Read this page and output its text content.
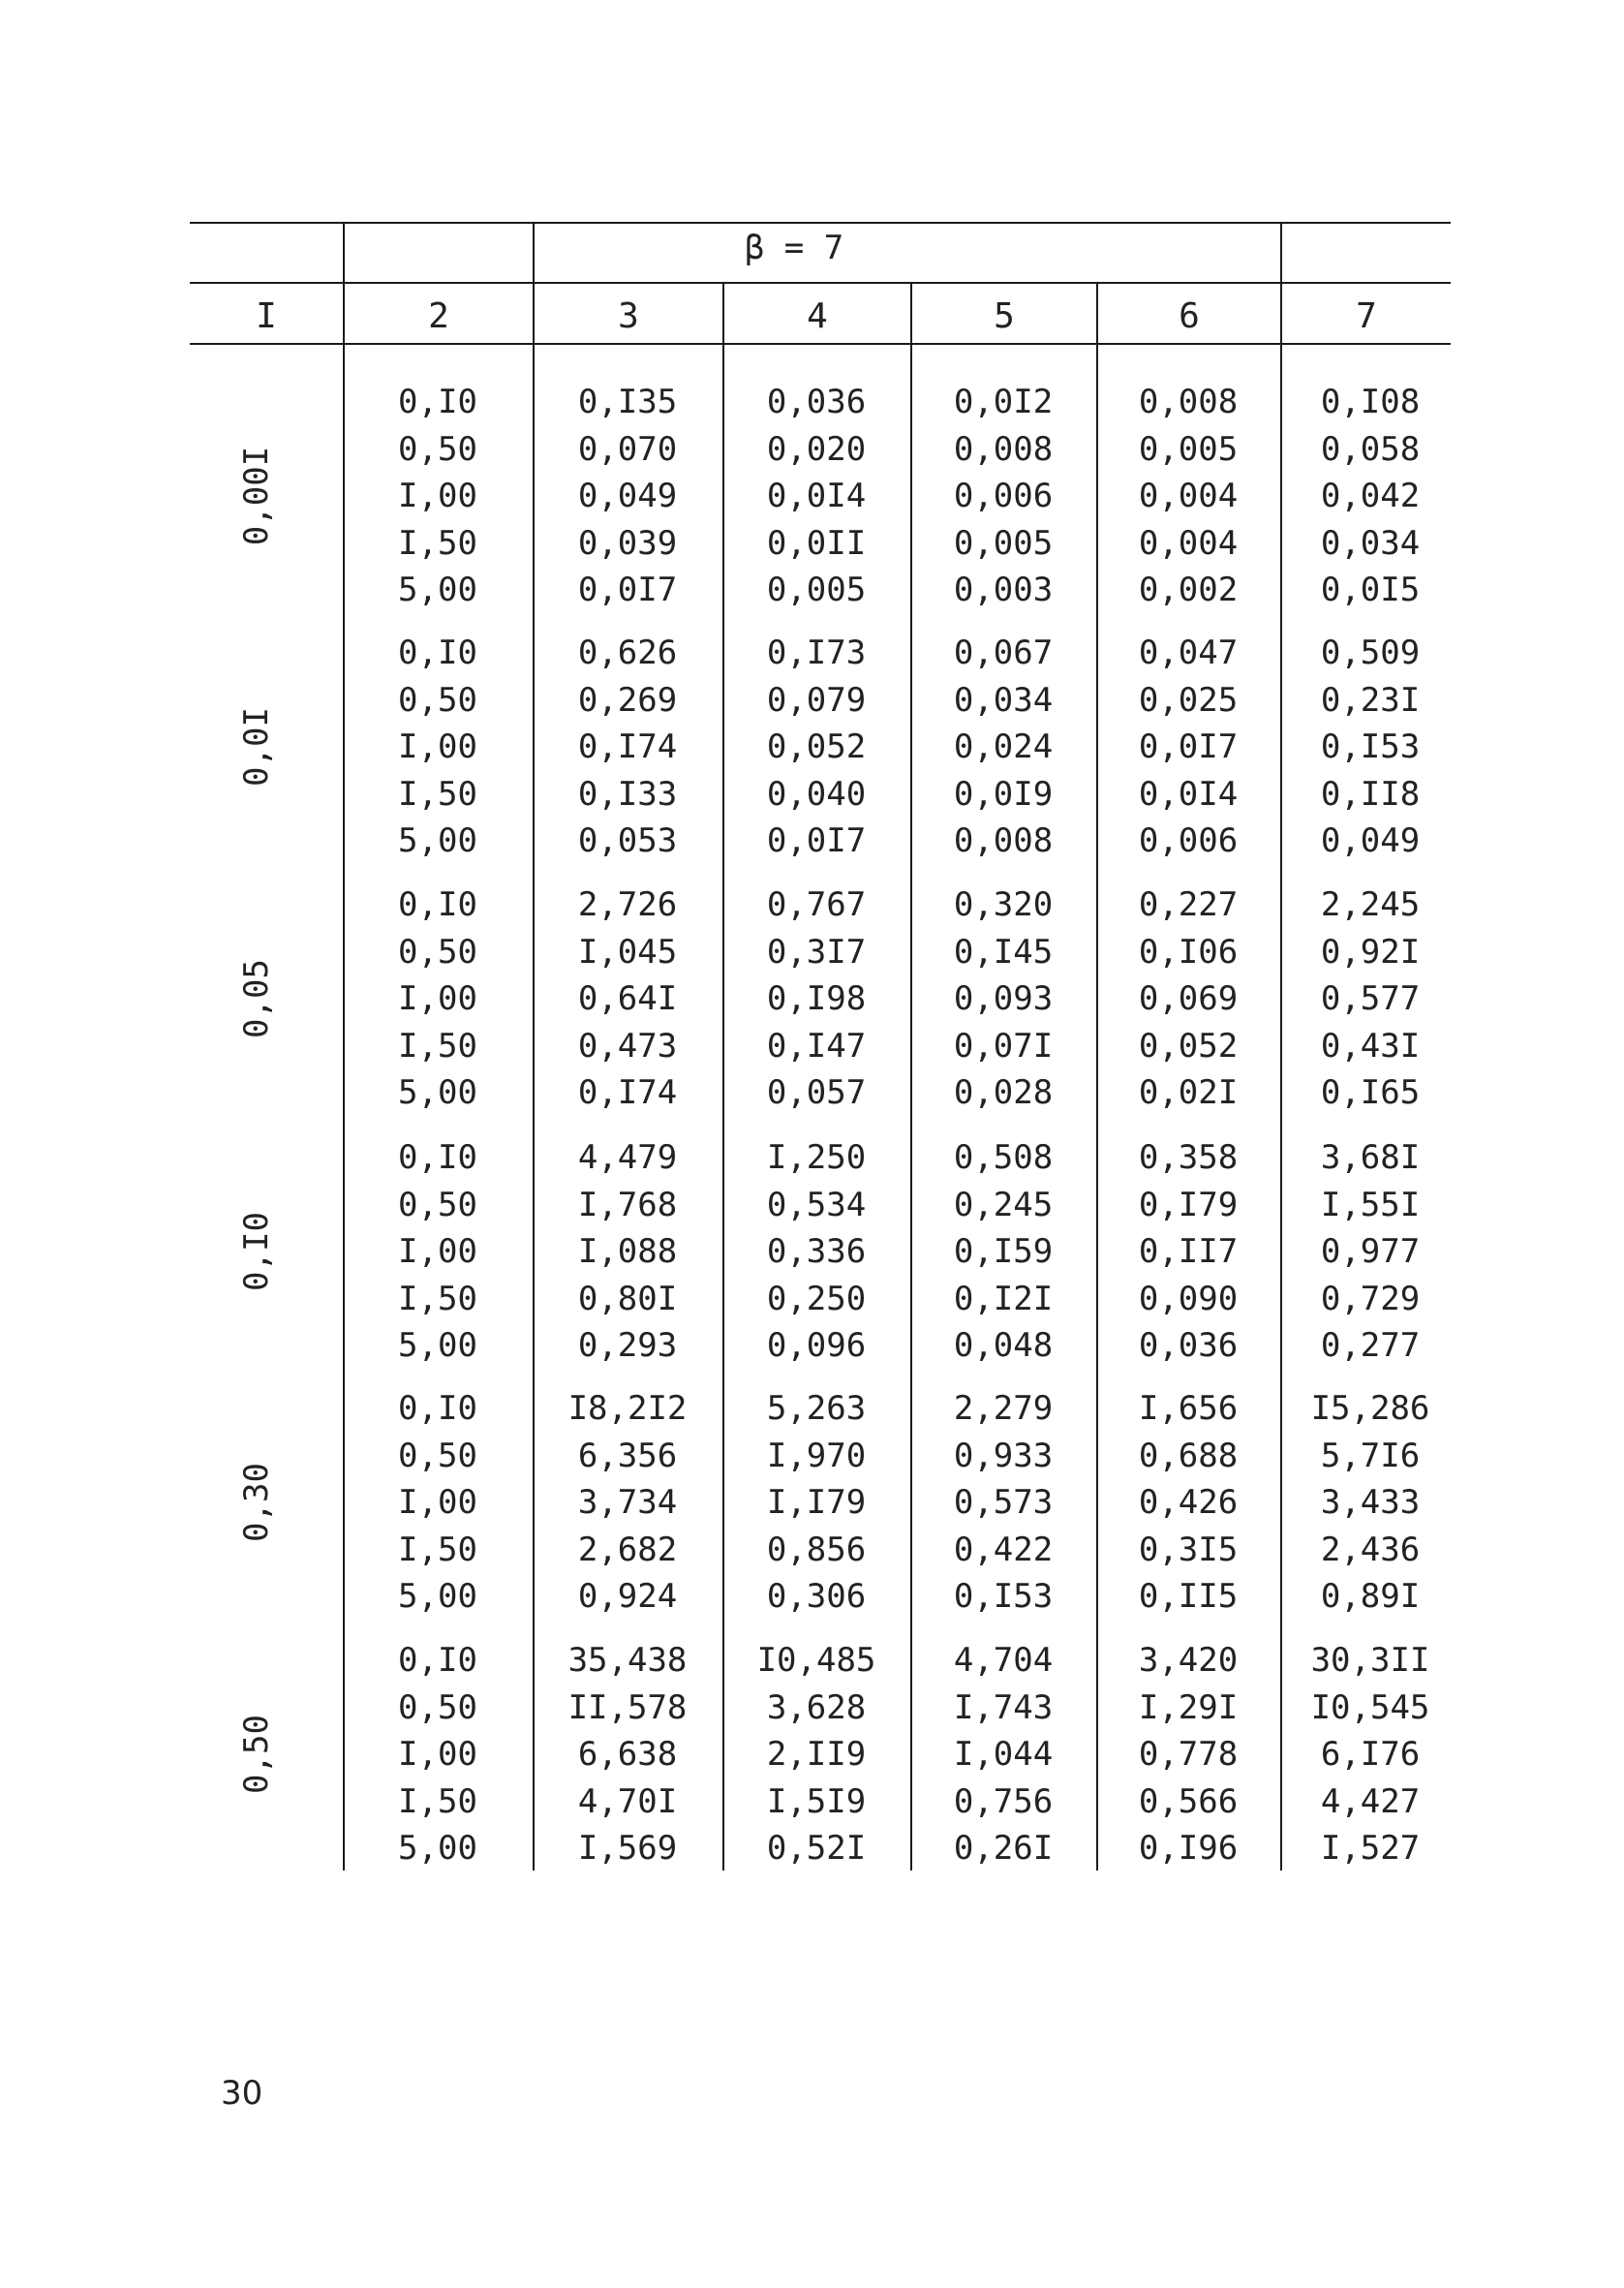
β = 7
I	2	3	4	5	6	7
0,00I
0,I0	0,I35	0,036	0,0I2	0,008	0,I08
0,50	0,070	0,020	0,008	0,005	0,058
I,00	0,049	0,0I4	0,006	0,004	0,042
I,50	0,039	0,0II	0,005	0,004	0,034
5,00	0,0I7	0,005	0,003	0,002	0,0I5
0,0I
0,I0	0,626	0,I73	0,067	0,047	0,509
0,50	0,269	0,079	0,034	0,025	0,23I
I,00	0,I74	0,052	0,024	0,0I7	0,I53
I,50	0,I33	0,040	0,0I9	0,0I4	0,II8
5,00	0,053	0,0I7	0,008	0,006	0,049
0,05
0,I0	2,726	0,767	0,320	0,227	2,245
0,50	I,045	0,3I7	0,I45	0,I06	0,92I
I,00	0,64I	0,I98	0,093	0,069	0,577
I,50	0,473	0,I47	0,07I	0,052	0,43I
5,00	0,I74	0,057	0,028	0,02I	0,I65
0,I0
0,I0	4,479	I,250	0,508	0,358	3,68I
0,50	I,768	0,534	0,245	0,I79	I,55I
I,00	I,088	0,336	0,I59	0,II7	0,977
I,50	0,80I	0,250	0,I2I	0,090	0,729
5,00	0,293	0,096	0,048	0,036	0,277
0,30
0,I0	I8,2I2	5,263	2,279	I,656	I5,286
0,50	6,356	I,970	0,933	0,688	5,7I6
I,00	3,734	I,I79	0,573	0,426	3,433
I,50	2,682	0,856	0,422	0,3I5	2,436
5,00	0,924	0,306	0,I53	0,II5	0,89I
0,50
0,I0	35,438	I0,485	4,704	3,420	30,3II
0,50	II,578	3,628	I,743	I,29I	I0,545
I,00	6,638	2,II9	I,044	0,778	6,I76
I,50	4,70I	I,5I9	0,756	0,566	4,427
5,00	I,569	0,52I	0,26I	0,I96	I,527
30
